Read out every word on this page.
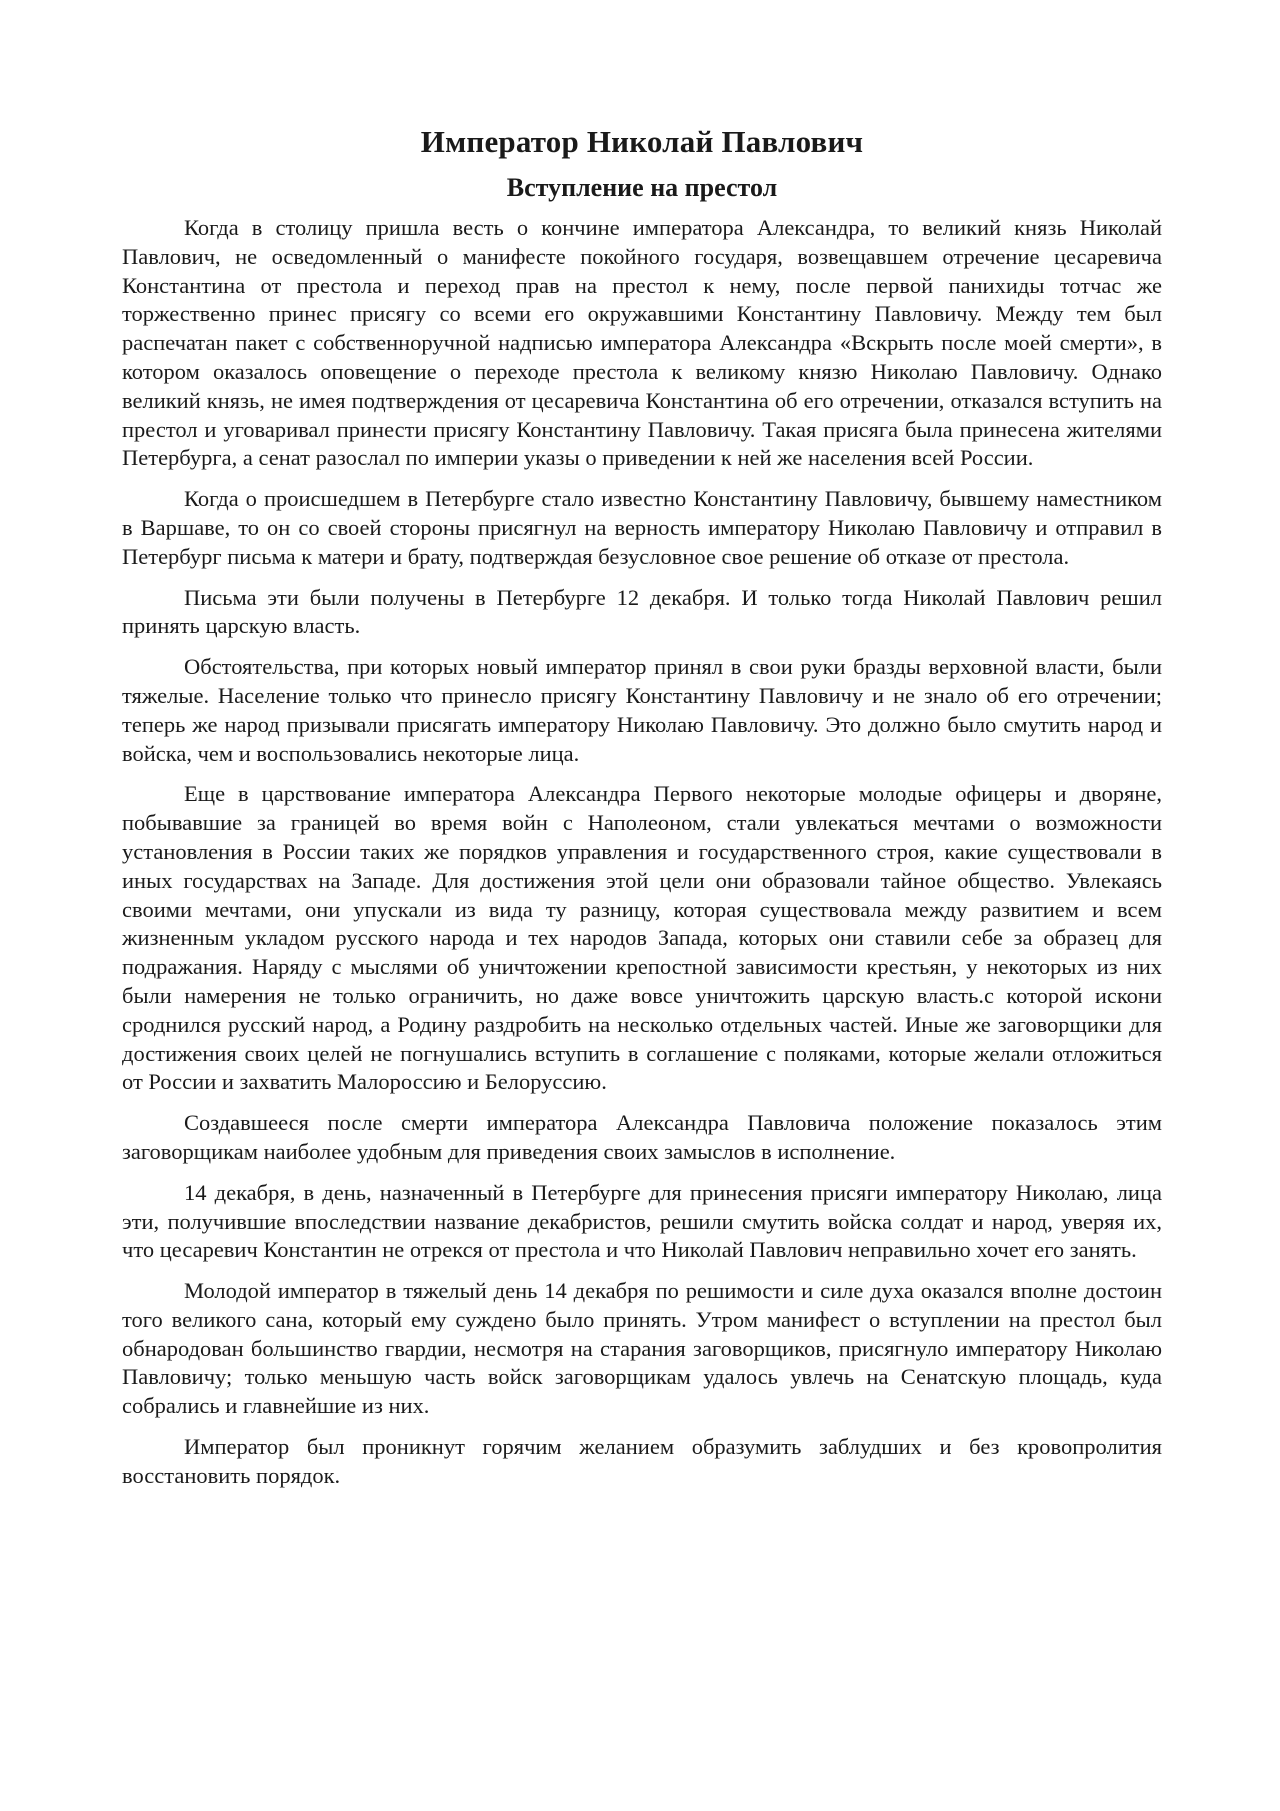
Император Николай Павлович
Вступление на престол

Когда в столицу пришла весть о кончине императора Александра, то великий князь Николай Павлович, не осведомленный о манифесте покойного государя, возвещавшем отречение цесаревича Константина от престола и переход прав на престол к нему, после первой панихиды тотчас же торжественно принес присягу со всеми его окружавшими Константину Павловичу. Между тем был распечатан пакет с собственноручной надписью императора Александра «Вскрыть после моей смерти», в котором оказалось оповещение о переходе престола к великому князю Николаю Павловичу. Однако великий князь, не имея подтверждения от цесаревича Константина об его отречении, отказался вступить на престол и уговаривал принести присягу Константину Павловичу. Такая присяга была принесена жителями Петербурга, а сенат разослал по империи указы о приведении к ней же населения всей России.

Когда о происшедшем в Петербурге стало известно Константину Павловичу, бывшему наместником в Варшаве, то он со своей стороны присягнул на верность императору Николаю Павловичу и отправил в Петербург письма к матери и брату, подтверждая безусловное свое решение об отказе от престола.

Письма эти были получены в Петербурге 12 декабря. И только тогда Николай Павлович решил принять царскую власть.

Обстоятельства, при которых новый император принял в свои руки бразды верховной власти, были тяжелые. Население только что принесло присягу Константину Павловичу и не знало об его отречении; теперь же народ призывали присягать императору Николаю Павловичу. Это должно было смутить народ и войска, чем и воспользовались некоторые лица.

Еще в царствование императора Александра Первого некоторые молодые офицеры и дворяне, побывавшие за границей во время войн с Наполеоном, стали увлекаться мечтами о возможности установления в России таких же порядков управления и государственного строя, какие существовали в иных государствах на Западе. Для достижения этой цели они образовали тайное общество. Увлекаясь своими мечтами, они упускали из вида ту разницу, которая существовала между развитием и всем жизненным укладом русского народа и тех народов Запада, которых они ставили себе за образец для подражания. Наряду с мыслями об уничтожении крепостной зависимости крестьян, у некоторых из них были намерения не только ограничить, но даже вовсе уничтожить царскую власть.с которой искони сроднился русский народ, а Родину раздробить на несколько отдельных частей. Иные же заговорщики для достижения своих целей не погнушались вступить в соглашение с поляками, которые желали отложиться от России и захватить Малороссию и Белоруссию.

Создавшееся после смерти императора Александра Павловича положение показалось этим заговорщикам наиболее удобным для приведения своих замыслов в исполнение.

14 декабря, в день, назначенный в Петербурге для принесения присяги императору Николаю, лица эти, получившие впоследствии название декабристов, решили смутить войска солдат и народ, уверяя их, что цесаревич Константин не отрекся от престола и что Николай Павлович неправильно хочет его занять.

Молодой император в тяжелый день 14 декабря по решимости и силе духа оказался вполне достоин того великого сана, который ему суждено было принять. Утром манифест о вступлении на престол был обнародован большинство гвардии, несмотря на старания заговорщиков, присягнуло императору Николаю Павловичу; только меньшую часть войск заговорщикам удалось увлечь на Сенатскую площадь, куда собрались и главнейшие из них.

Император был проникнут горячим желанием образумить заблудших и без кровопролития восстановить порядок.
